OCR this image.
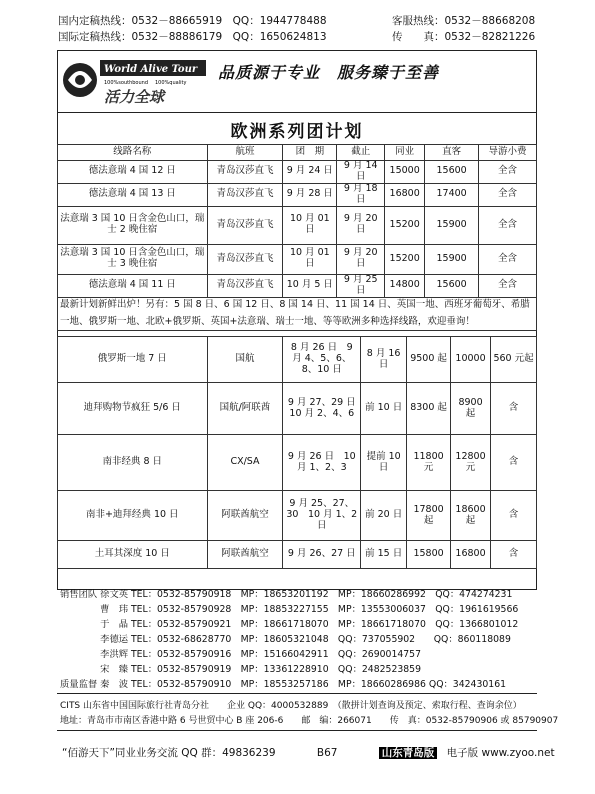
国内定稿热线：0532－88665919　QQ：1944778488	客服热线：0532－88668208
国际定稿热线：0532－88886179　QQ：1650624813	传　　真：0532－82821226
World Alive Tour
100%southbound 100%quality
活力全球
品质源于专业　服务臻于至善
欧洲系列团计划
线路名称	航班	团　期	截止	同业	直客	导游小费
德法意瑞 4 国 12 日	青岛汉莎直飞	9 月 24 日	9 月 14 日	15000	15600	全含
德法意瑞 4 国 13 日	青岛汉莎直飞	9 月 28 日	9 月 18 日	16800	17400	全含
法意瑞 3 国 10 日含金色山口，瑞士 2 晚住宿	青岛汉莎直飞	10 月 01 日	9 月 20 日	15200	15900	全含
法意瑞 3 国 10 日含金色山口，瑞士 3 晚住宿	青岛汉莎直飞	10 月 01 日	9 月 20 日	15200	15900	全含
德法意瑞 4 国 11 日	青岛汉莎直飞	10 月 5 日	9 月 25 日	14800	15600	全含
最新计划新鲜出炉！另有：5 国 8 日、6 国 12 日、8 国 14 日、11 国 14 日、英国一地、西班牙葡萄牙、希腊一地、俄罗斯一地、北欧+俄罗斯、英国+法意瑞、瑞士一地、等等欧洲多种选择线路，欢迎垂询！
俄罗斯一地 7 日	国航	8 月 26 日　9 月 4、5、6、8、10 日	8 月 16 日	9500 起	10000	560 元起
迪拜购物节疯狂 5/6 日	国航/阿联酋	9 月 27、29 日　10 月 2、4、6	前 10 日	8300 起	8900 起	含
南非经典 8 日	CX/SA	9 月 26 日　10 月 1、2、3	提前 10 日	11800 元	12800 元	含
南非+迪拜经典 10 日	阿联酋航空	9 月 25、27、30　10 月 1、2 日	前 20 日	17800 起	18600 起	含
土耳其深度 10 日	阿联酋航空	9 月 26、27 日	前 15 日	15800	16800	含
销售团队 徐文英 TEL：0532-85790918　MP：18653201192　MP：18660286992　QQ：474274231
　　　　 曹　玮 TEL：0532-85790928　MP：18853227155　MP：13553006037　QQ：1961619566
　　　　 于　晶 TEL：0532-85790921　MP：18661718070　MP：18661718070　QQ：1366801012
　　　　 李德运 TEL：0532-68628770　MP：18605321048　QQ：737055902　　QQ：860118089
　　　　 李洪辉 TEL：0532-85790916　MP：15166042911　QQ：2690014757
　　　　 宋　臻 TEL：0532-85790919　MP：13361228910　QQ：2482523859
质量监督 秦　波 TEL：0532-85790910　MP：18553257186　MP：18660286986 QQ：342430161
CITS 山东省中国国际旅行社青岛分社　　企业 QQ：4000532889　（散拼计划查询及预定、索取行程、查询余位）
地址：青岛市市南区香港中路 6 号世贸中心 B 座 206-6　　邮　编：266071　　传　真：0532-85790906 或 85790907
“佰游天下”同业业务交流 QQ 群：49836239	B67	山东青岛版 电子版 www.zyoo.net
